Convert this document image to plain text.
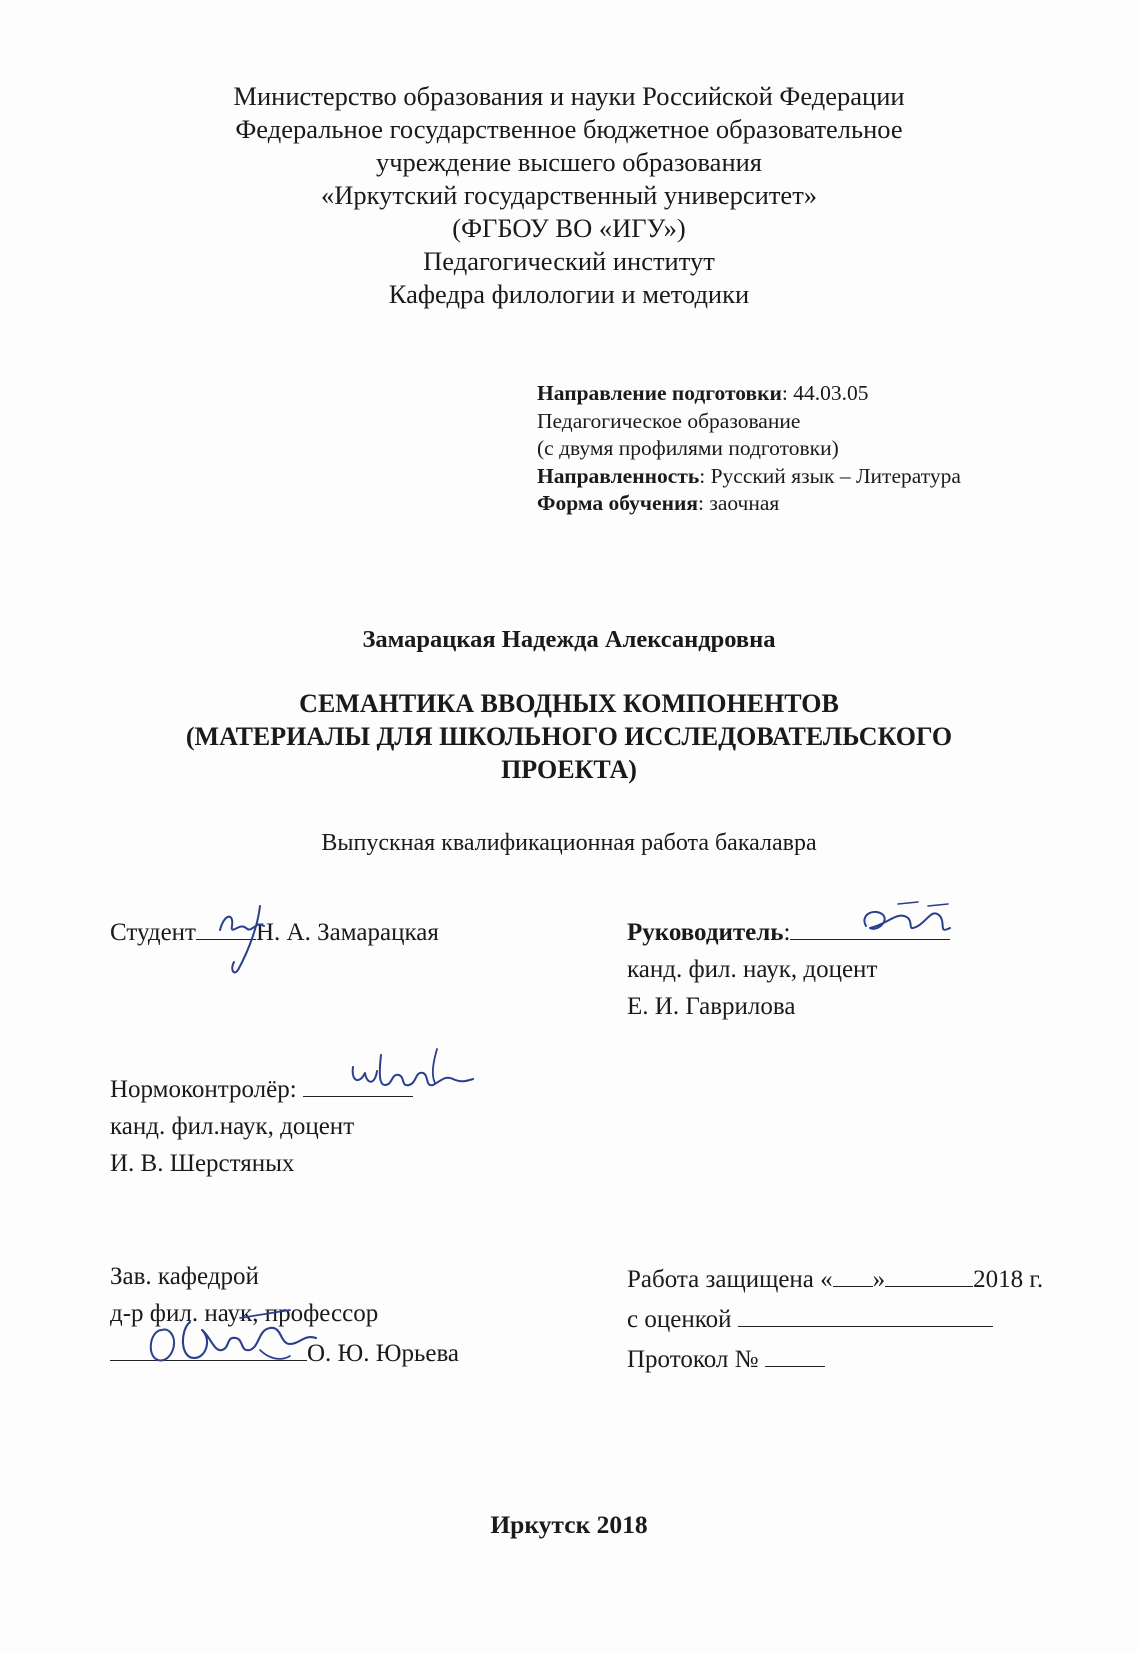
Министерство образования и науки Российской Федерации
Федеральное государственное бюджетное образовательное
учреждение высшего образования
«Иркутский государственный университет»
(ФГБОУ ВО «ИГУ»)
Педагогический институт
Кафедра филологии и методики
Направление подготовки: 44.03.05
Педагогическое образование
(с двумя профилями подготовки)
Направленность: Русский язык – Литература
Форма обучения: заочная
Замарацкая Надежда Александровна
СЕМАНТИКА ВВОДНЫХ КОМПОНЕНТОВ
(МАТЕРИАЛЫ ДЛЯ ШКОЛЬНОГО ИССЛЕДОВАТЕЛЬСКОГО
ПРОЕКТА)
Выпускная квалификационная работа бакалавра
Студент Н. А. Замарацкая	Руководитель:
канд. фил. наук, доцент
Е. И. Гаврилова
Нормоконтролёр:
канд. фил.наук, доцент
И. В. Шерстяных
Зав. кафедрой
д-р фил. наук, профессор
О. Ю. Юрьева
Работа защищена « »	2018 г.
с оценкой
Протокол №
Иркутск 2018
